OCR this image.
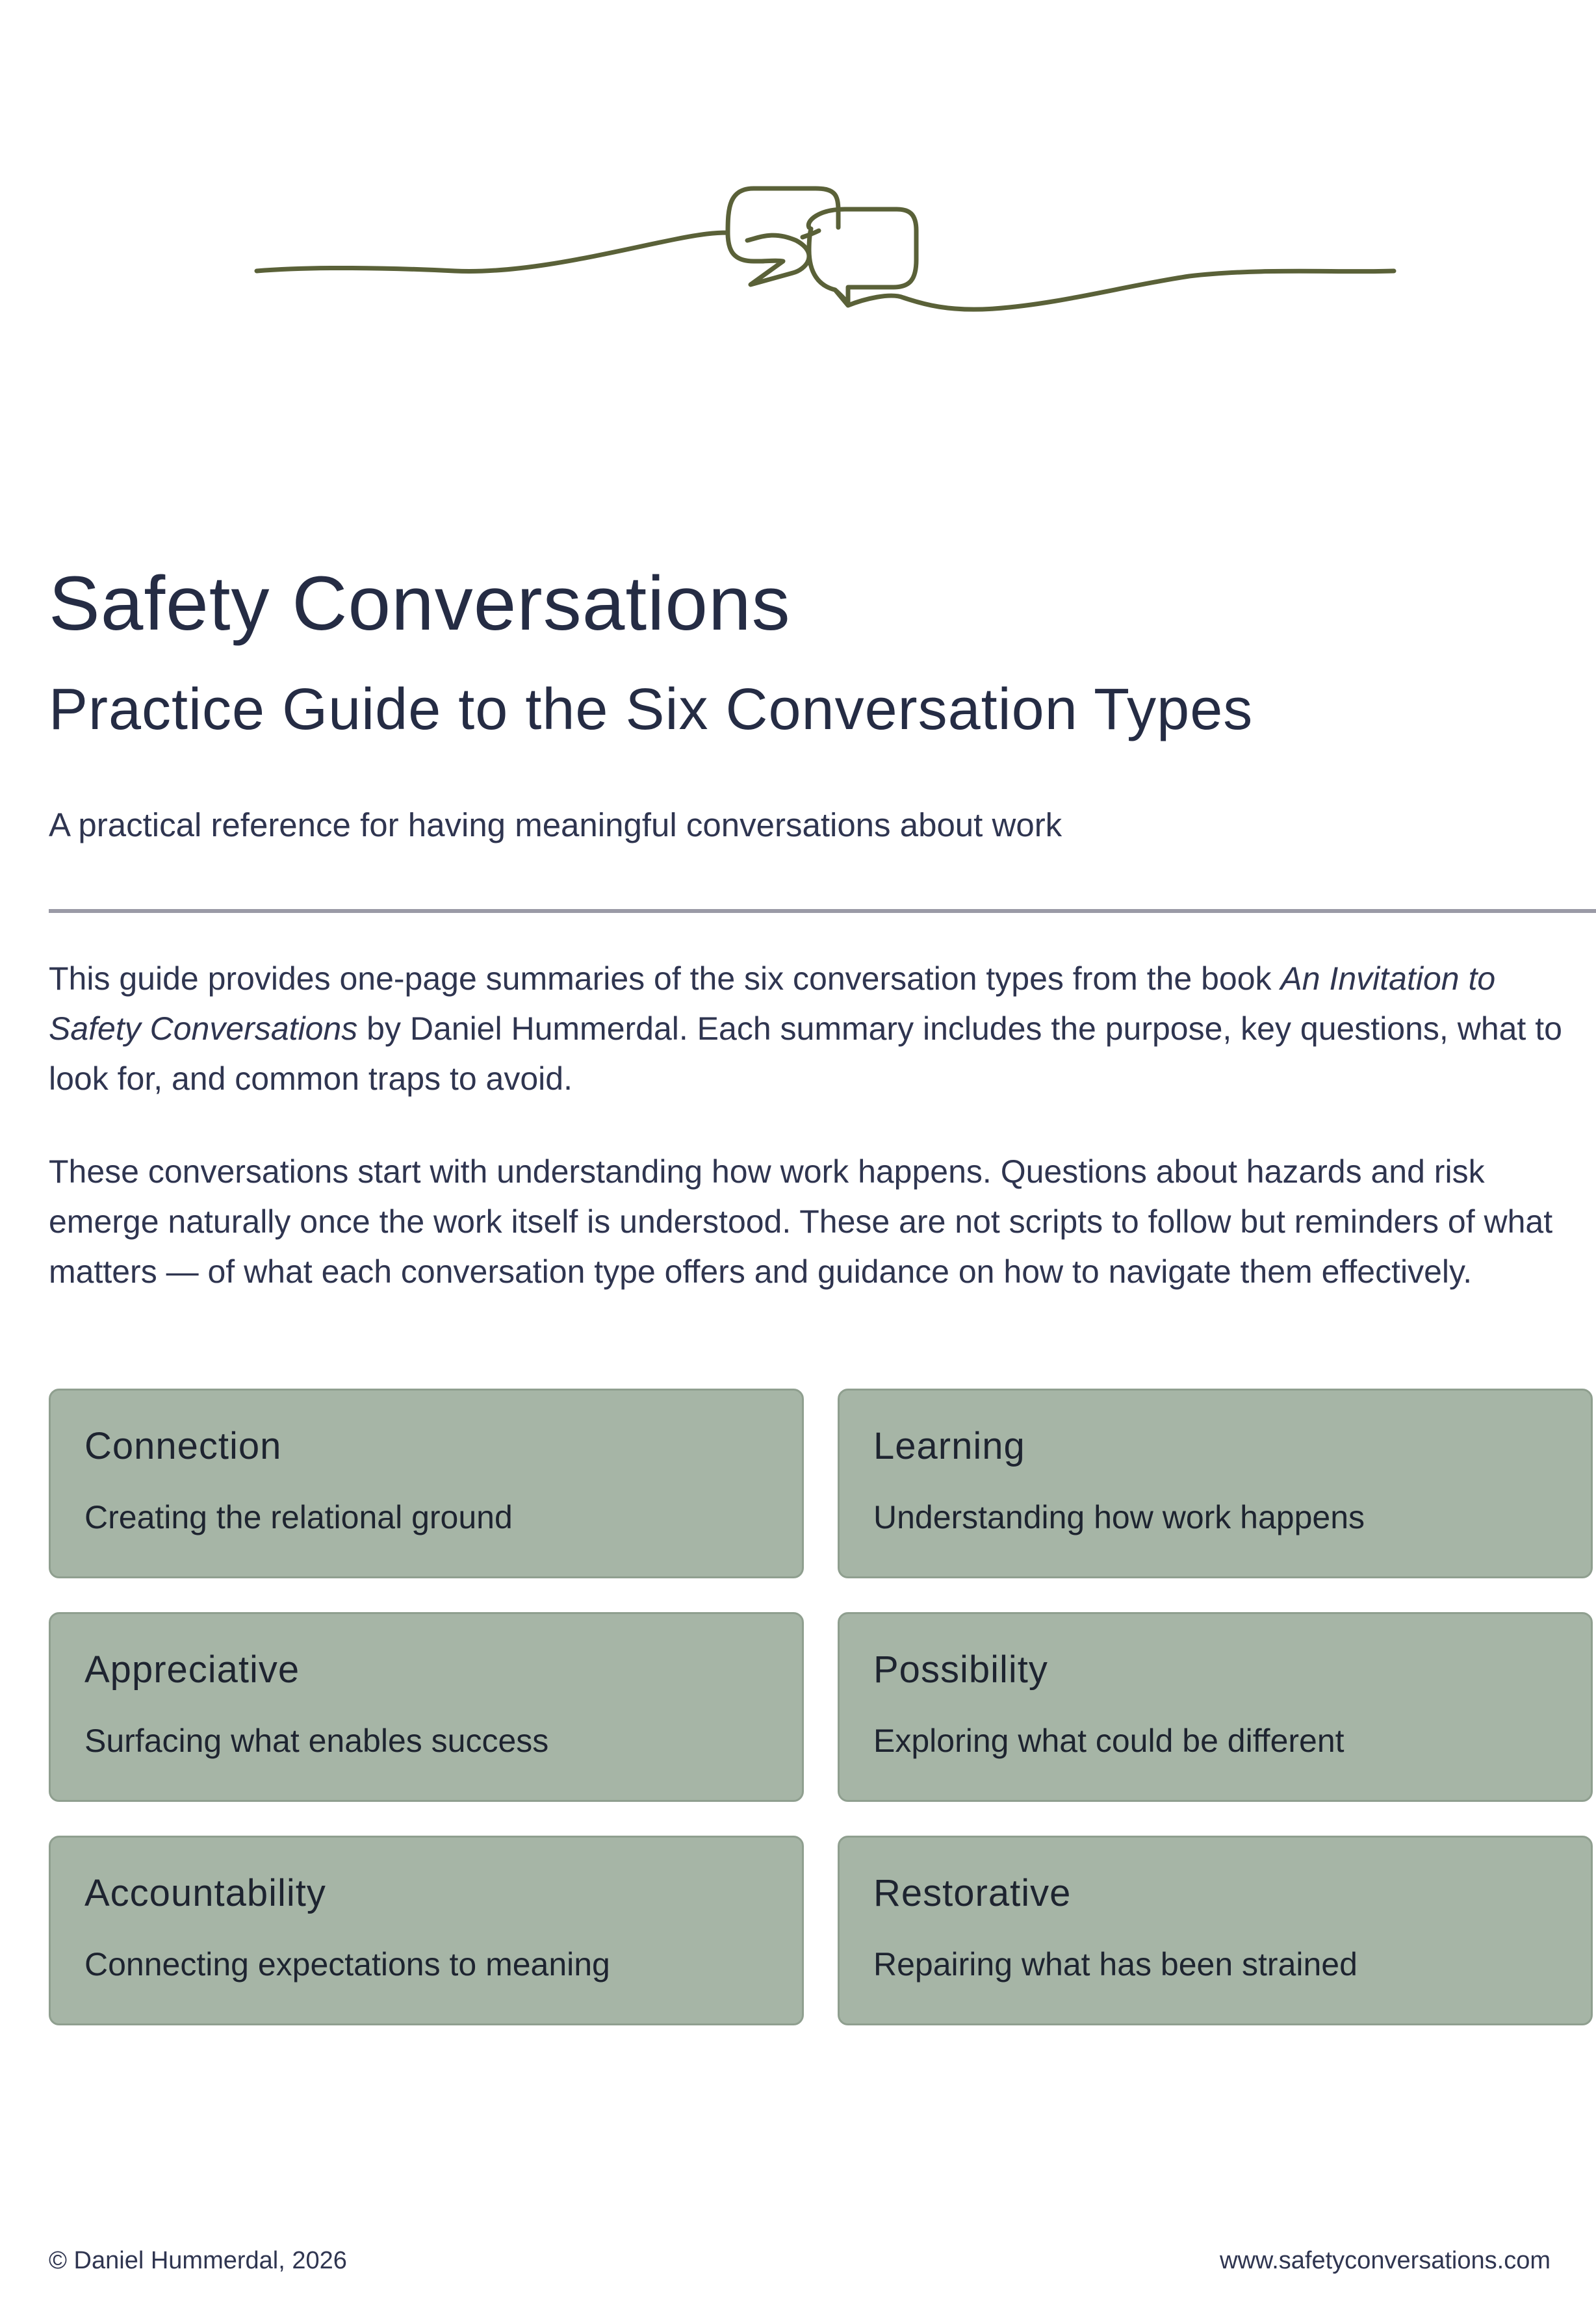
Safety Conversations
Practice Guide to the Six Conversation Types

A practical reference for having meaningful conversations about work

This guide provides one-page summaries of the six conversation types from the book An Invitation to Safety Conversations by Daniel Hummerdal. Each summary includes the purpose, key questions, what to look for, and common traps to avoid.

These conversations start with understanding how work happens. Questions about hazards and risk emerge naturally once the work itself is understood. These are not scripts to follow but reminders of what matters — of what each conversation type offers and guidance on how to navigate them effectively.

Connection
Creating the relational ground
Learning
Understanding how work happens
Appreciative
Surfacing what enables success
Possibility
Exploring what could be different
Accountability
Connecting expectations to meaning
Restorative
Repairing what has been strained
© Daniel Hummerdal, 2026	www.safetyconversations.com
